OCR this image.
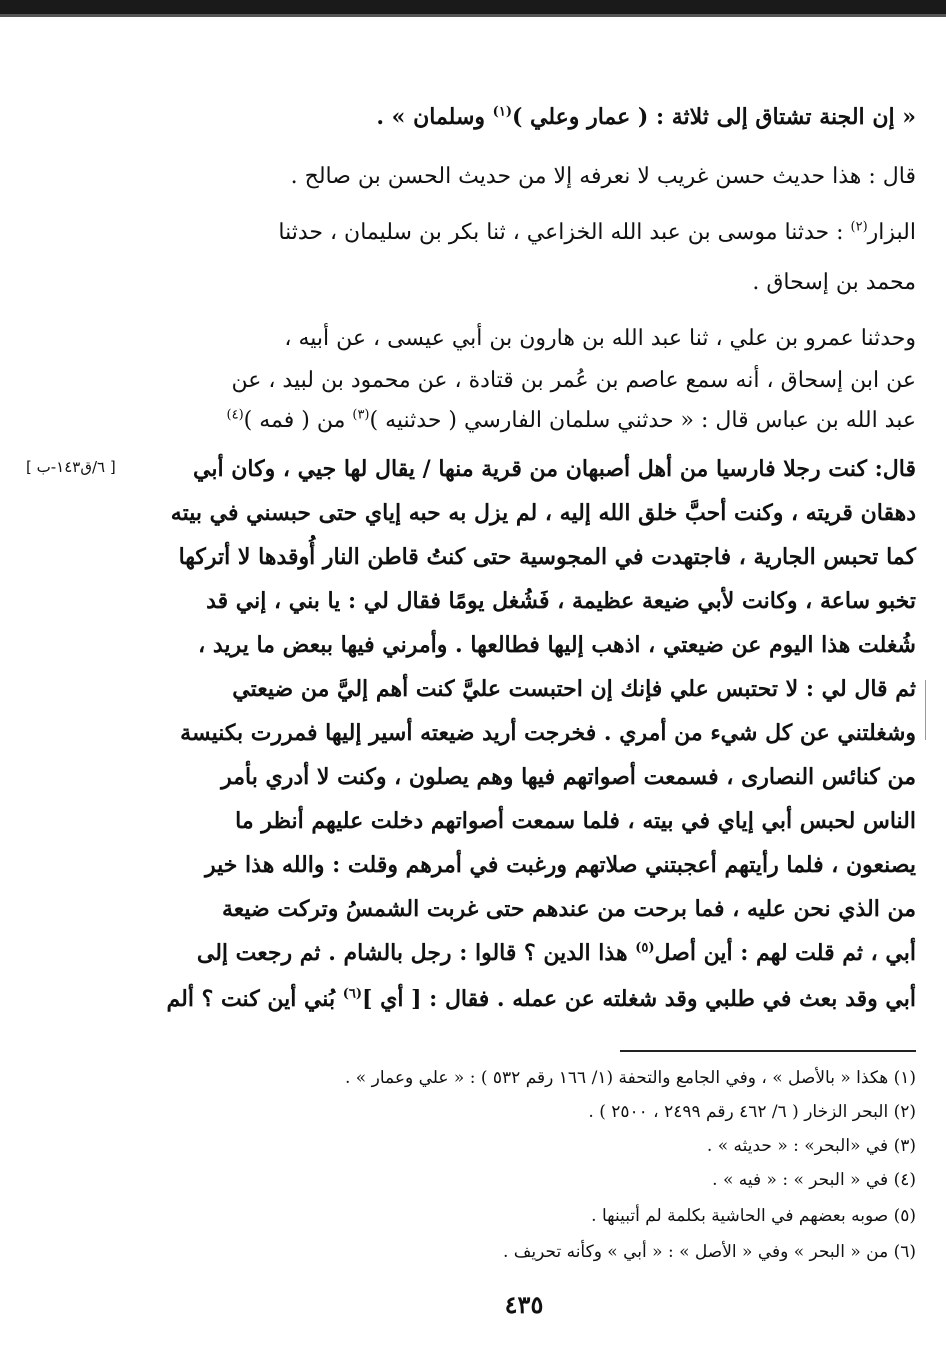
« إن الجنة تشتاق إلى ثلاثة : ( عمار وعلي )$^{(١)}$ وسلمان » .
قال : هذا حديث حسن غريب لا نعرفه إلا من حديث الحسن بن صالح .
البزار$^{(٢)}$ : حدثنا موسى بن عبد الله الخزاعي ، ثنا بكر بن سليمان ، حدثنا
محمد بن إسحاق .
وحدثنا عمرو بن علي ، ثنا عبد الله بن هارون بن أبي عيسى ، عن أبيه ،
عن ابن إسحاق ، أنه سمع عاصم بن عُمر بن قتادة ، عن محمود بن لبيد ، عن
عبد الله بن عباس قال : « حدثني سلمان الفارسي ( حدثنيه )$^{(٣)}$ من ( فمه )$^{(٤)}$
قال: كنت رجلا فارسيا من أهل أصبهان من قرية منها / يقال لها جيي ، وكان أبي
دهقان قريته ، وكنت أحبَّ خلق الله إليه ، لم يزل به حبه إياي حتى حبسني في بيته
كما تحبس الجارية ، فاجتهدت في المجوسية حتى كنتُ قاطن النار أُوقدها لا أتركها
تخبو ساعة ، وكانت لأبي ضيعة عظيمة ، فَشُغل يومًا فقال لي : يا بني ، إني قد
شُغلت هذا اليوم عن ضيعتي ، اذهب إليها فطالعها . وأمرني فيها ببعض ما يريد ،
ثم قال لي : لا تحتبس علي فإنك إن احتبست عليَّ كنت أهم إليَّ من ضيعتي
وشغلتني عن كل شيء من أمري . فخرجت أريد ضيعته أسير إليها فمررت بكنيسة
من كنائس النصارى ، فسمعت أصواتهم فيها وهم يصلون ، وكنت لا أدري بأمر
الناس لحبس أبي إياي في بيته ، فلما سمعت أصواتهم دخلت عليهم أنظر ما
يصنعون ، فلما رأيتهم أعجبتني صلاتهم ورغبت في أمرهم وقلت : والله هذا خير
من الذي نحن عليه ، فما برحت من عندهم حتى غربت الشمسُ وتركت ضيعة
أبي ، ثم قلت لهم : أين أصل$^{(٥)}$ هذا الدين ؟ قالوا : رجل بالشام . ثم رجعت إلى
أبي وقد بعث في طلبي وقد شغلته عن عمله . فقال : [ أي ]$^{(٦)}$ بُني أين كنت ؟ ألم
[ ٦/ق١٤٣-ب ]
(١) هكذا « بالأصل » ، وفي الجامع والتحفة (١/ ١٦٦ رقم ٥٣٢ ) : « علي وعمار » .
(٢) البحر الزخار ( ٦/ ٤٦٢ رقم ٢٤٩٩ ، ٢٥٠٠ ) .
(٣) في «البحر» : « حديثه » .
(٤) في « البحر » : « فيه » .
(٥) صوبه بعضهم في الحاشية بكلمة لم أتبينها .
(٦) من « البحر » وفي « الأصل » : « أبي » وكأنه تحريف .
٤٣٥
